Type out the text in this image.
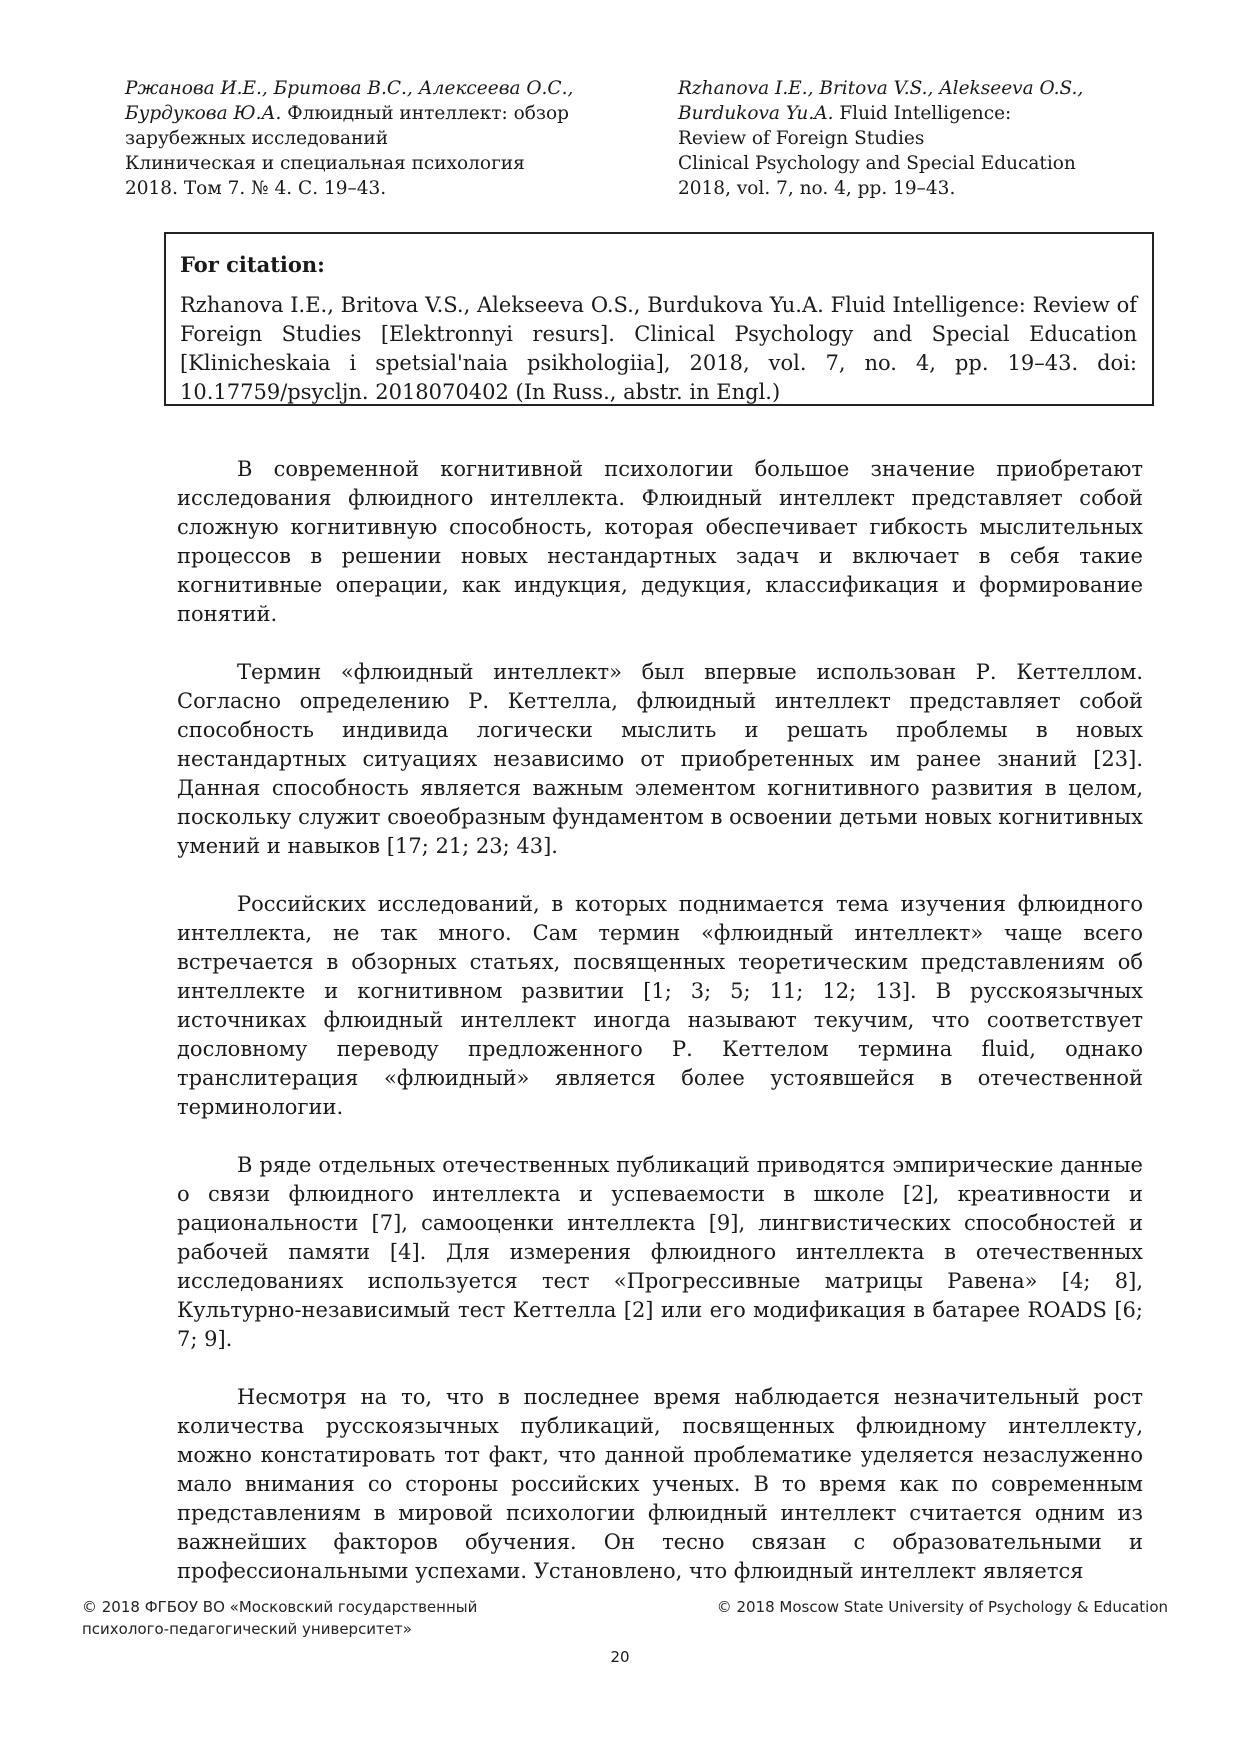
Ржанова И.Е., Бритова В.С., Алексеева О.С.,
Бурдукова Ю.А. Флюидный интеллект: обзор
зарубежных исследований
Клиническая и специальная психология
2018. Том 7. № 4. С. 19–43.
Rzhanova I.E., Britova V.S., Alekseeva O.S.,
Burdukova Yu.A. Fluid Intelligence:
Review of Foreign Studies
Clinical Psychology and Special Education
2018, vol. 7, no. 4, pp. 19–43.

For citation:

Rzhanova I.E., Britova V.S., Alekseeva O.S., Burdukova Yu.A. Fluid Intelligence: Review of Foreign Studies [Elektronnyi resurs]. Clinical Psychology and Special Education [Klinicheskaia i spetsial'naia psikhologiia], 2018, vol. 7, no. 4, pp. 19–43. doi: 10.17759/psycljn. 2018070402 (In Russ., abstr. in Engl.)

В современной когнитивной психологии большое значение приобретают исследования флюидного интеллекта. Флюидный интеллект представляет собой сложную когнитивную способность, которая обеспечивает гибкость мыслительных процессов в решении новых нестандартных задач и включает в себя такие когнитивные операции, как индукция, дедукция, классификация и формирование понятий.

Термин «флюидный интеллект» был впервые использован Р. Кеттеллом. Согласно определению Р. Кеттелла, флюидный интеллект представляет собой способность индивида логически мыслить и решать проблемы в новых нестандартных ситуациях независимо от приобретенных им ранее знаний [23]. Данная способность является важным элементом когнитивного развития в целом, поскольку служит своеобразным фундаментом в освоении детьми новых когнитивных умений и навыков [17; 21; 23; 43].

Российских исследований, в которых поднимается тема изучения флюидного интеллекта, не так много. Сам термин «флюидный интеллект» чаще всего встречается в обзорных статьях, посвященных теоретическим представлениям об интеллекте и когнитивном развитии [1; 3; 5; 11; 12; 13]. В русскоязычных источниках флюидный интеллект иногда называют текучим, что соответствует дословному переводу предложенного Р. Кеттелом термина fluid, однако транслитерация «флюидный» является более устоявшейся в отечественной терминологии.

В ряде отдельных отечественных публикаций приводятся эмпирические данные о связи флюидного интеллекта и успеваемости в школе [2], креативности и рациональности [7], самооценки интеллекта [9], лингвистических способностей и рабочей памяти [4]. Для измерения флюидного интеллекта в отечественных исследованиях используется тест «Прогрессивные матрицы Равена» [4; 8], Культурно-независимый тест Кеттелла [2] или его модификация в батарее ROADS [6; 7; 9].

Несмотря на то, что в последнее время наблюдается незначительный рост количества русскоязычных публикаций, посвященных флюидному интеллекту, можно констатировать тот факт, что данной проблематике уделяется незаслуженно мало внимания со стороны российских ученых. В то время как по современным представлениям в мировой психологии флюидный интеллект считается одним из важнейших факторов обучения. Он тесно связан с образовательными и профессиональными успехами. Установлено, что флюидный интеллект является

© 2018 ФГБОУ ВО «Московский государственный
психолого-педагогический университет»
© 2018 Moscow State University of Psychology & Education
20
